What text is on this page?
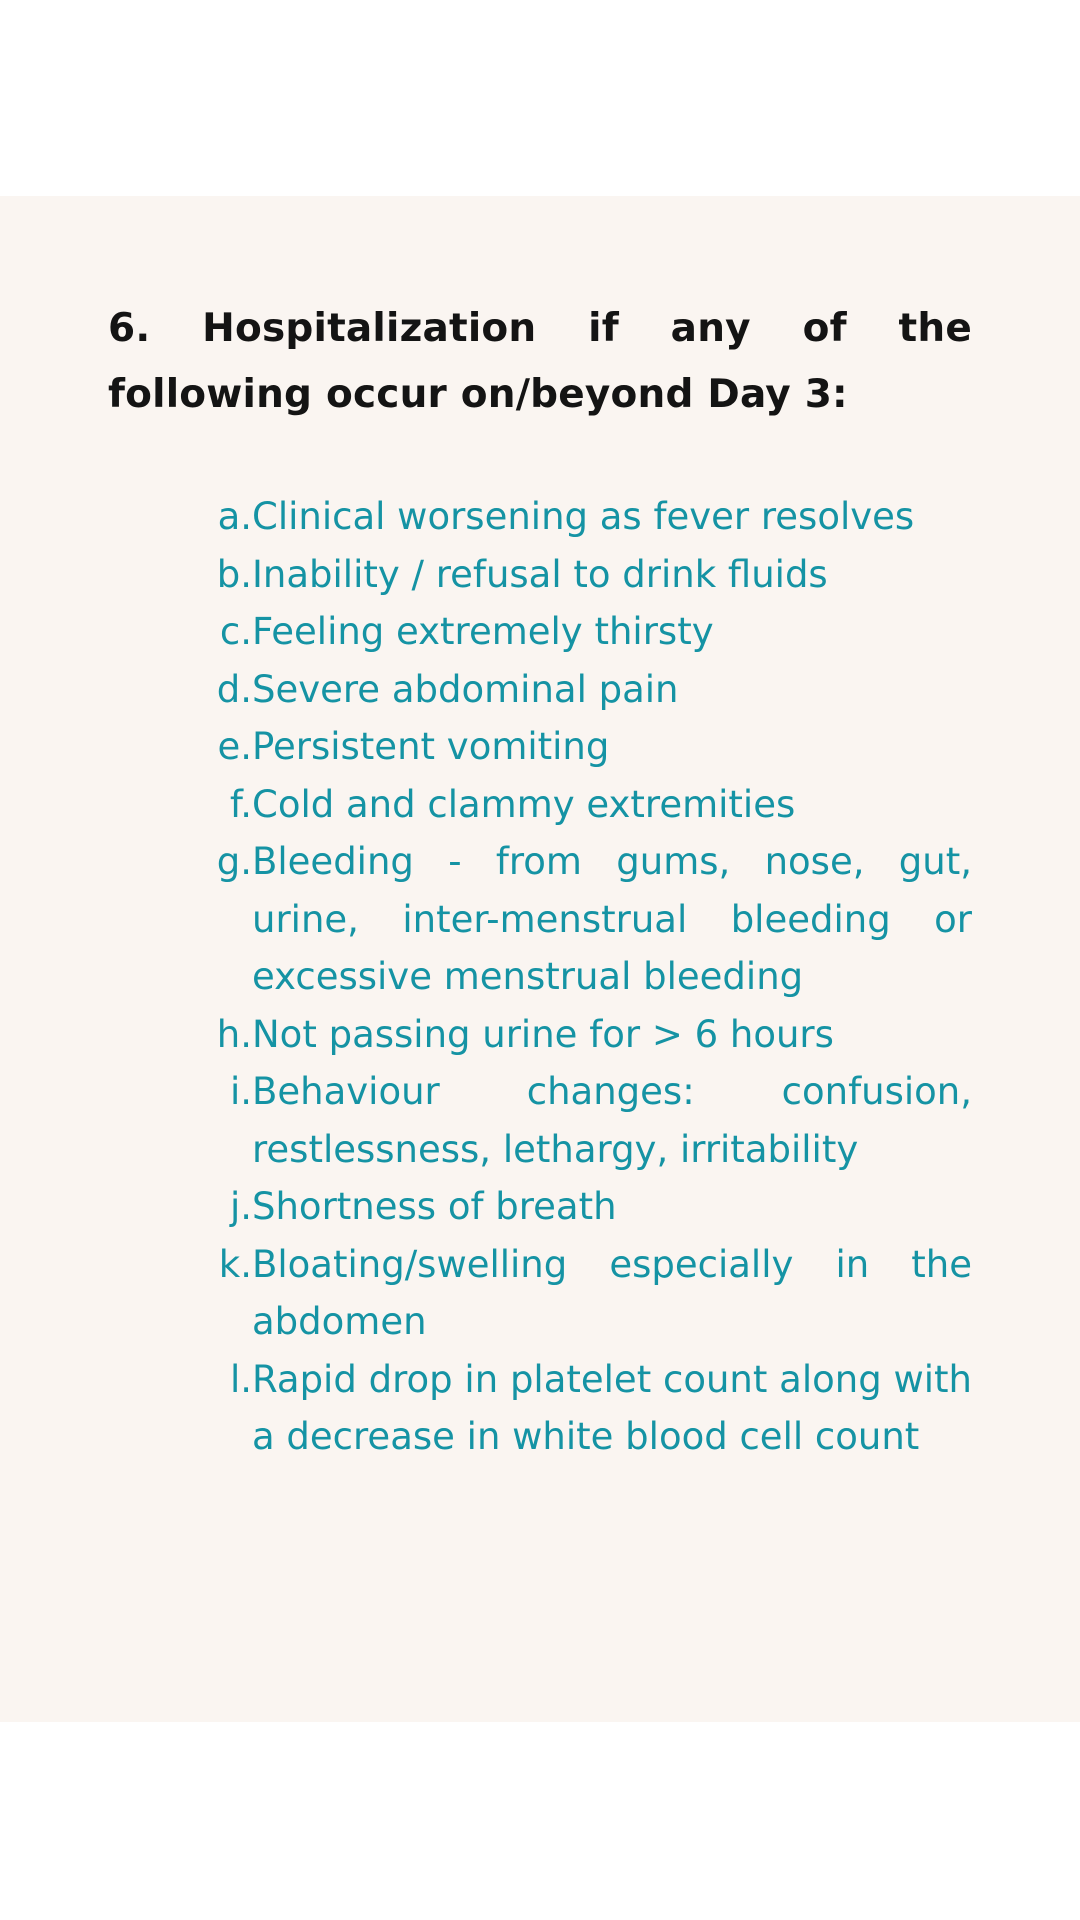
6. Hospitalization if any of the following occur on/beyond Day 3:
a. Clinical worsening as fever resolves
b. Inability / refusal to drink fluids
c. Feeling extremely thirsty
d. Severe abdominal pain
e. Persistent vomiting
f. Cold and clammy extremities
g. Bleeding - from gums, nose, gut, urine, inter-menstrual bleeding or excessive menstrual bleeding
h. Not passing urine for > 6 hours
i. Behaviour changes: confusion, restlessness, lethargy, irritability
j. Shortness of breath
k. Bloating/swelling especially in the abdomen
l. Rapid drop in platelet count along with a decrease in white blood cell count
